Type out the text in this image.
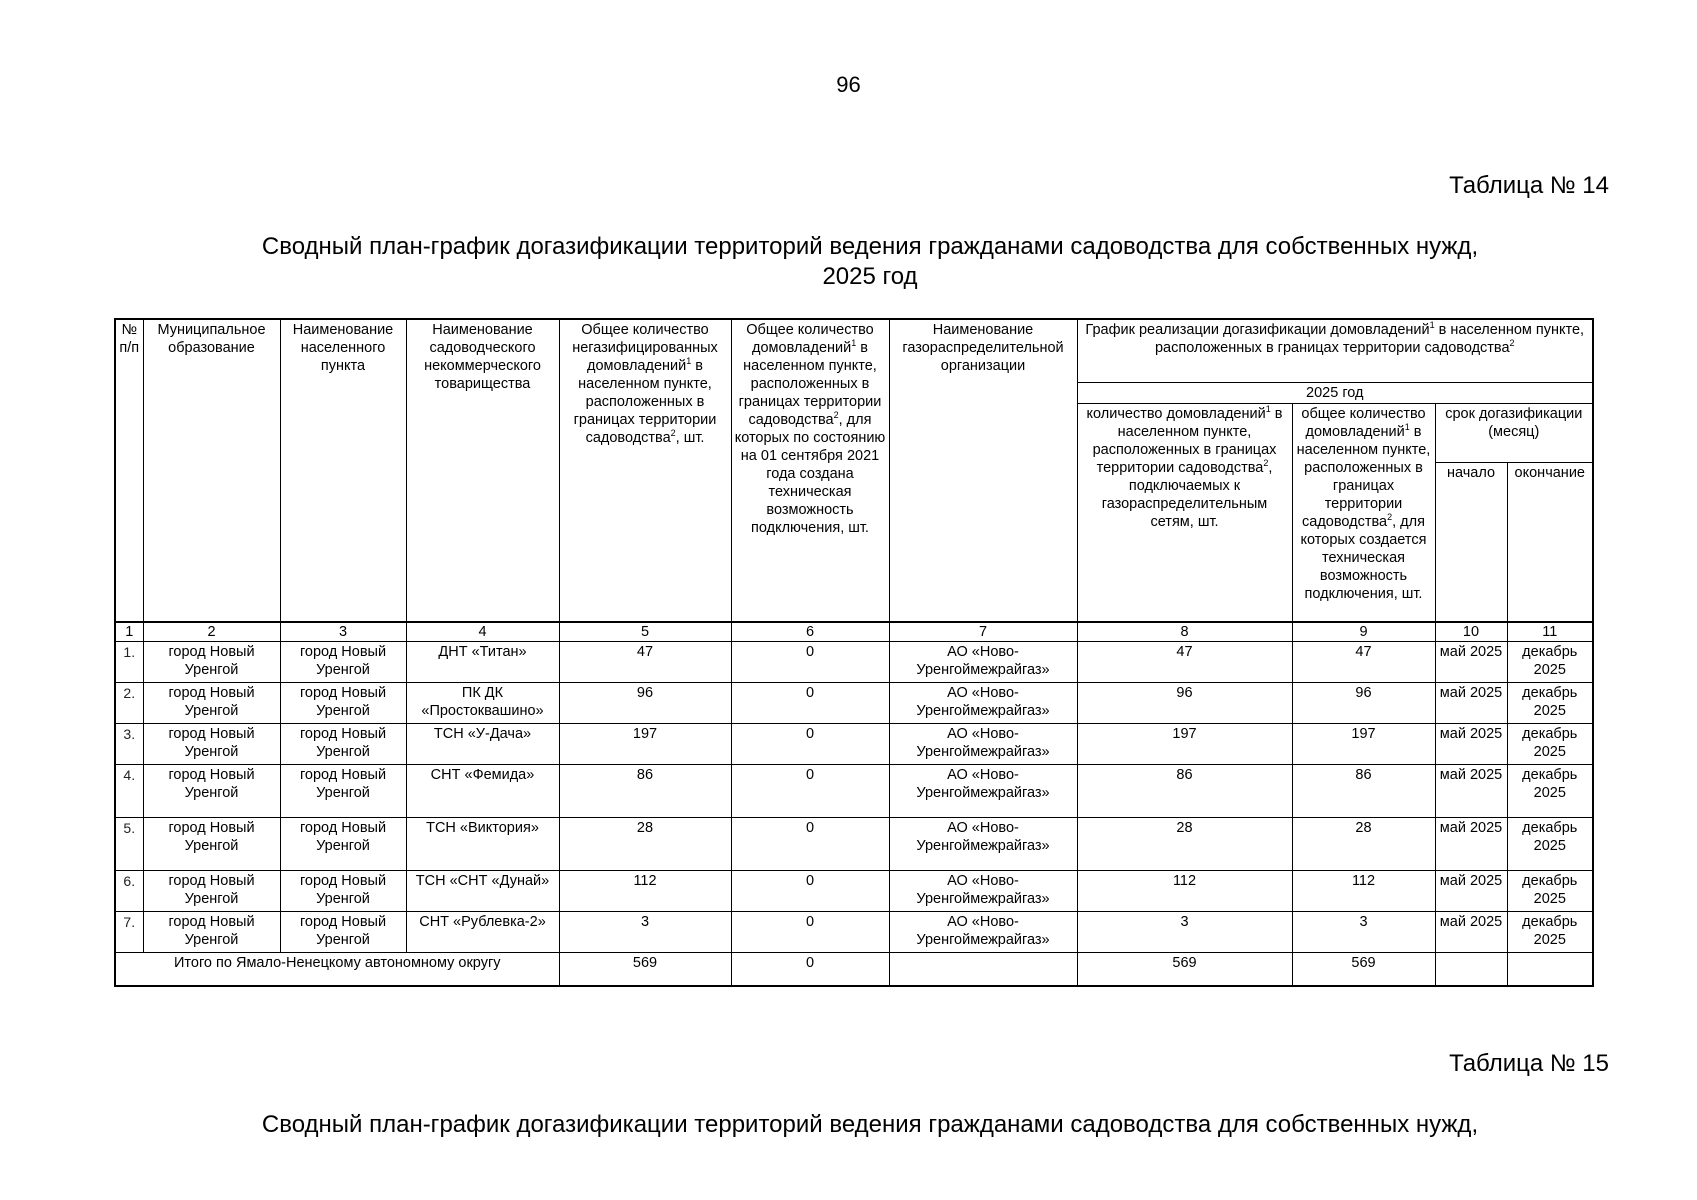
96
Таблица № 14
Сводный план-график догазификации территорий ведения гражданами садоводства для собственных нужд,
2025 год
№ п/п	Муниципальное образование	Наименование населенного пункта	Наименование садоводческого некоммерческого товарищества	Общее количество негазифицированных домовладений$^1$ в населенном пункте, расположенных в границах территории садоводства$^2$, шт.	Общее количество домовладений$^1$ в населенном пункте, расположенных в границах территории садоводства$^2$, для которых по состоянию на 01 сентября 2021 года создана техническая возможность подключения, шт.	Наименование газораспределительной организации	График реализации догазификации домовладений$^1$ в населенном пункте, расположенных в границах территории садоводства$^2$
							2025 год			
							количество домовладений$^1$ в населенном пункте, расположенных в границах территории садоводства$^2$, подключаемых к газораспределительным сетям, шт.	общее количество домовладений$^1$ в населенном пункте, расположенных в границах территории садоводства$^2$, для которых создается техническая возможность подключения, шт.	срок догазификации (месяц)	
									начало	окончание
1	2	3	4	5	6	7	8	9	10	11
1.	город Новый Уренгой	город Новый Уренгой	ДНТ «Титан»	47	0	АО «Ново-Уренгоймежрайгаз»	47	47	май 2025	декабрь 2025
2.	город Новый Уренгой	город Новый Уренгой	ПК ДК «Простоквашино»	96	0	АО «Ново-Уренгоймежрайгаз»	96	96	май 2025	декабрь 2025
3.	город Новый Уренгой	город Новый Уренгой	ТСН «У-Дача»	197	0	АО «Ново-Уренгоймежрайгаз»	197	197	май 2025	декабрь 2025
4.	город Новый Уренгой	город Новый Уренгой	СНТ «Фемида»	86	0	АО «Ново-Уренгоймежрайгаз»	86	86	май 2025	декабрь 2025
5.	город Новый Уренгой	город Новый Уренгой	ТСН «Виктория»	28	0	АО «Ново-Уренгоймежрайгаз»	28	28	май 2025	декабрь 2025
6.	город Новый Уренгой	город Новый Уренгой	ТСН «СНТ «Дунай»	112	0	АО «Ново-Уренгоймежрайгаз»	112	112	май 2025	декабрь 2025
7.	город Новый Уренгой	город Новый Уренгой	СНТ «Рублевка-2»	3	0	АО «Ново-Уренгоймежрайгаз»	3	3	май 2025	декабрь 2025
Итого по Ямало-Ненецкому автономному округу				569	0		569	569		
Таблица № 15
Сводный план-график догазификации территорий ведения гражданами садоводства для собственных нужд,
